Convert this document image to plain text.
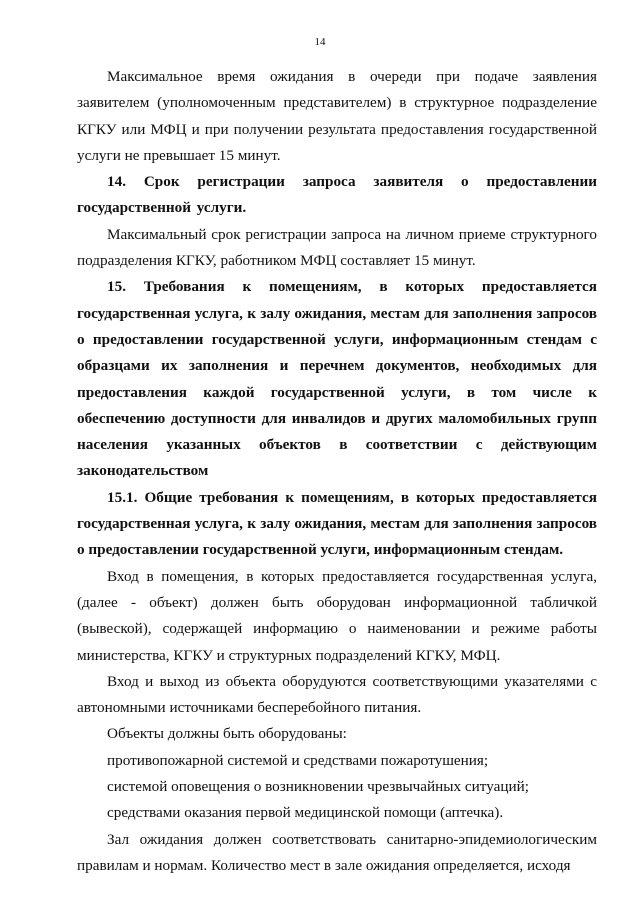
14

Максимальное время ожидания в очереди при подаче заявления заявителем (уполномоченным представителем) в структурное подразделение КГКУ или МФЦ и при получении результата предоставления государственной услуги не превышает 15 минут.

14. Срок регистрации запроса заявителя о предоставлении государственной услуги.

Максимальный срок регистрации запроса на личном приеме структурного подразделения КГКУ, работником МФЦ составляет 15 минут.

15. Требования к помещениям, в которых предоставляется государственная услуга, к залу ожидания, местам для заполнения запросов о предоставлении государственной услуги, информационным стендам с образцами их заполнения и перечнем документов, необходимых для предоставления каждой государственной услуги, в том числе к обеспечению доступности для инвалидов и других маломобильных групп населения указанных объектов в соответствии с действующим законодательством

15.1. Общие требования к помещениям, в которых предоставляется государственная услуга, к залу ожидания, местам для заполнения запросов о предоставлении государственной услуги, информационным стендам.

Вход в помещения, в которых предоставляется государственная услуга, (далее - объект) должен быть оборудован информационной табличкой (вывеской), содержащей информацию о наименовании и режиме работы министерства, КГКУ и структурных подразделений КГКУ, МФЦ.

Вход и выход из объекта оборудуются соответствующими указателями с автономными источниками бесперебойного питания.

Объекты должны быть оборудованы:

противопожарной системой и средствами пожаротушения;

системой оповещения о возникновении чрезвычайных ситуаций;

средствами оказания первой медицинской помощи (аптечка).

Зал ожидания должен соответствовать санитарно-эпидемиологическим правилам и нормам. Количество мест в зале ожидания определяется, исходя
